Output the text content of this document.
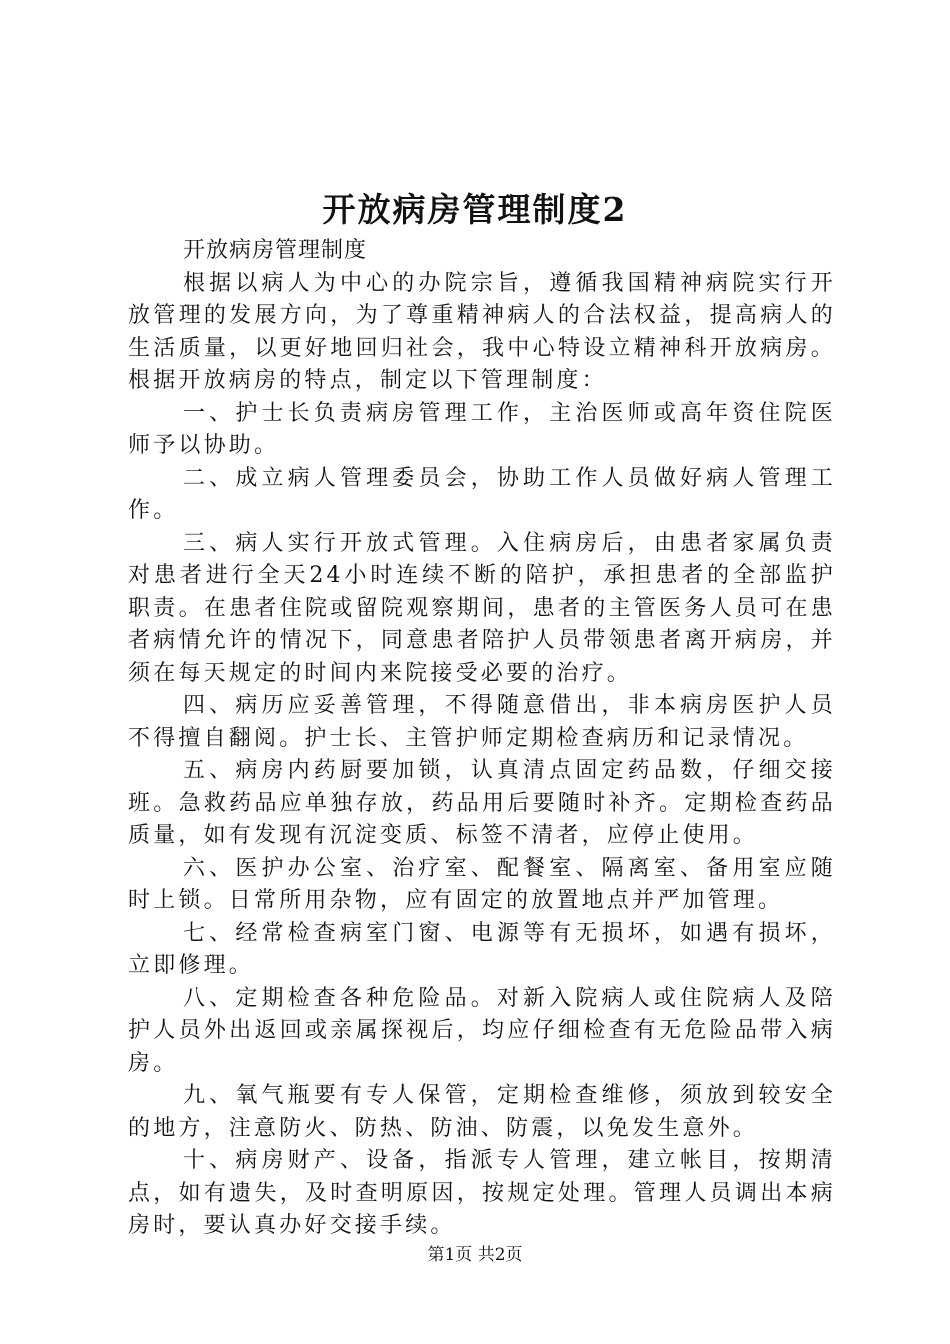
开放病房管理制度2

开放病房管理制度

根据以病人为中心的办院宗旨，遵循我国精神病院实行开放管理的发展方向，为了尊重精神病人的合法权益，提高病人的生活质量，以更好地回归社会，我中心特设立精神科开放病房。根据开放病房的特点，制定以下管理制度：

一、护士长负责病房管理工作，主治医师或高年资住院医师予以协助。

二、成立病人管理委员会，协助工作人员做好病人管理工作。

三、病人实行开放式管理。入住病房后，由患者家属负责对患者进行全天24小时连续不断的陪护，承担患者的全部监护职责。在患者住院或留院观察期间，患者的主管医务人员可在患者病情允许的情况下，同意患者陪护人员带领患者离开病房，并须在每天规定的时间内来院接受必要的治疗。

四、病历应妥善管理，不得随意借出，非本病房医护人员不得擅自翻阅。护士长、主管护师定期检查病历和记录情况。

五、病房内药厨要加锁，认真清点固定药品数，仔细交接班。急救药品应单独存放，药品用后要随时补齐。定期检查药品质量，如有发现有沉淀变质、标签不清者，应停止使用。

六、医护办公室、治疗室、配餐室、隔离室、备用室应随时上锁。日常所用杂物，应有固定的放置地点并严加管理。

七、经常检查病室门窗、电源等有无损坏，如遇有损坏，立即修理。

八、定期检查各种危险品。对新入院病人或住院病人及陪护人员外出返回或亲属探视后，均应仔细检查有无危险品带入病房。

九、氧气瓶要有专人保管，定期检查维修，须放到较安全的地方，注意防火、防热、防油、防震，以免发生意外。

十、病房财产、设备，指派专人管理，建立帐目，按期清点，如有遗失，及时查明原因，按规定处理。管理人员调出本病房时，要认真办好交接手续。

第1页 共2页
